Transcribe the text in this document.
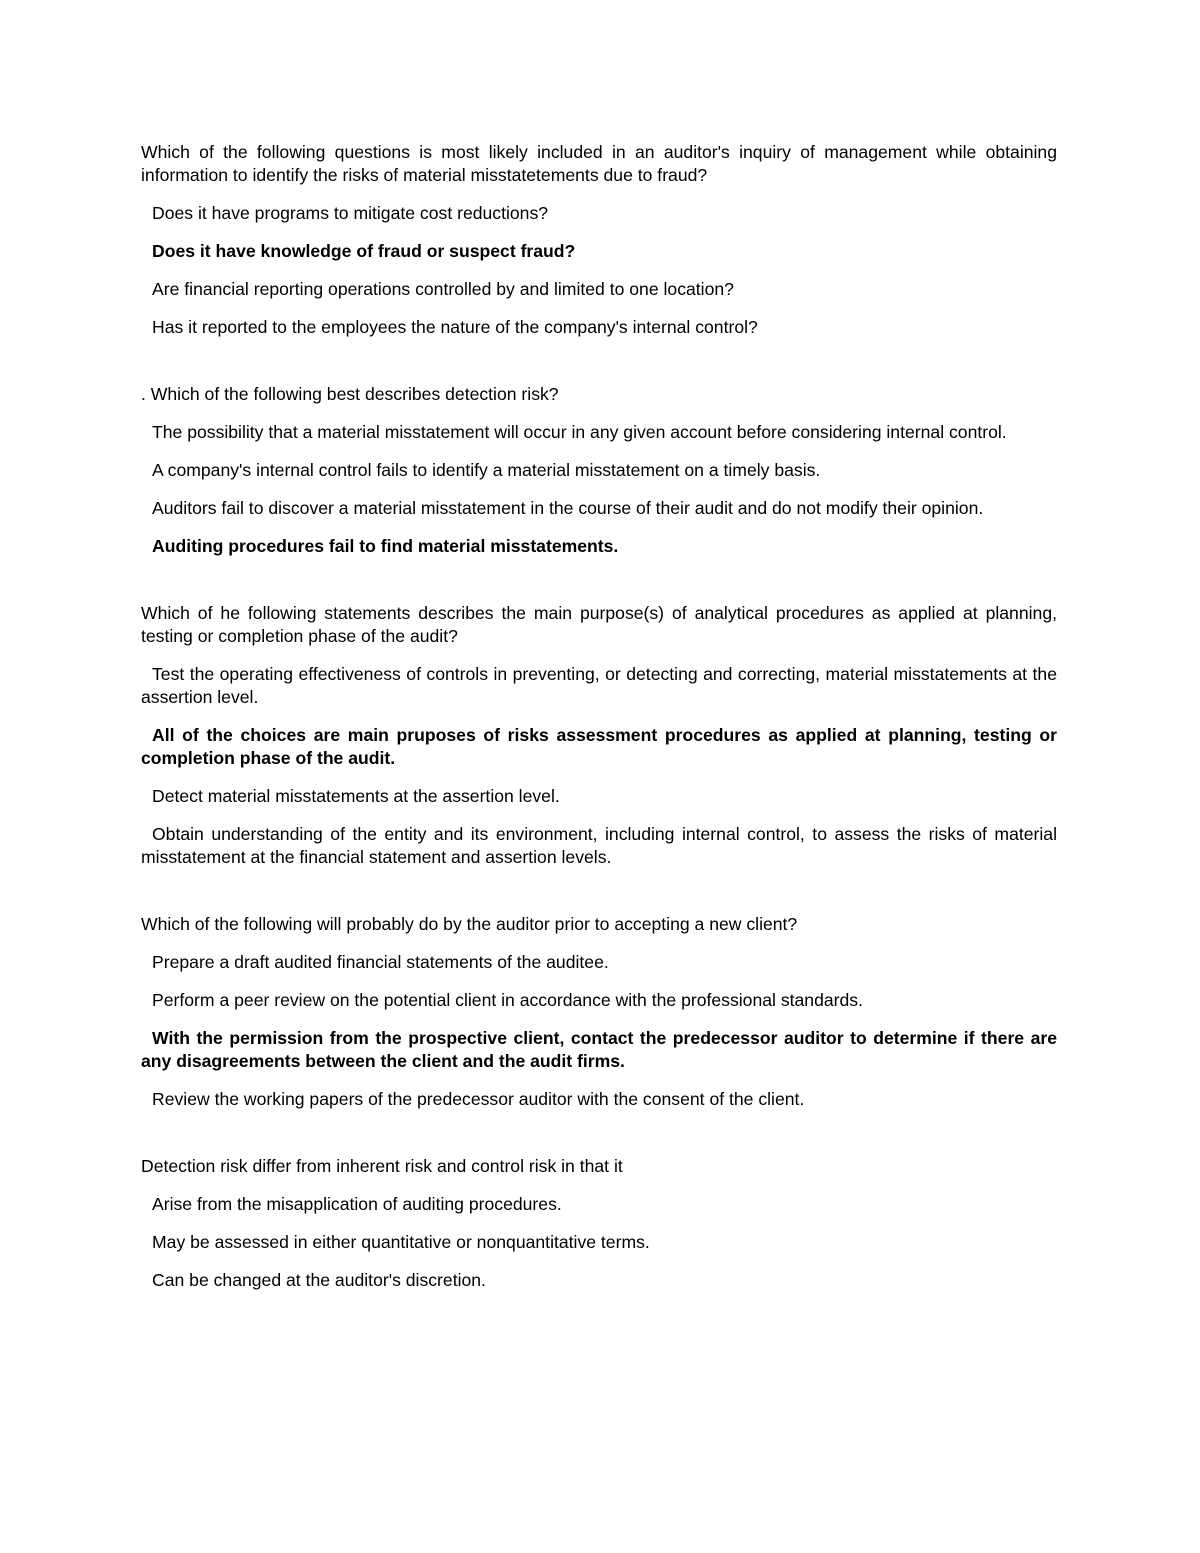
Which of the following questions is most likely included in an auditor's inquiry of management while obtaining information to identify the risks of material misstatetements due to fraud?

Does it have programs to mitigate cost reductions?

Does it have knowledge of fraud or suspect fraud?

Are financial reporting operations controlled by and limited to one location?

Has it reported to the employees the nature of the company's internal control?

. Which of the following best describes detection risk?

The possibility that a material misstatement will occur in any given account before considering internal control.

A company's internal control fails to identify a material misstatement on a timely basis.

Auditors fail to discover a material misstatement in the course of their audit and do not modify their opinion.

Auditing procedures fail to find material misstatements.

Which of he following statements describes the main purpose(s) of analytical procedures as applied at planning, testing or completion phase of the audit?

Test the operating effectiveness of controls in preventing, or detecting and correcting, material misstatements at the assertion level.

All of the choices are main pruposes of risks assessment procedures as applied at planning, testing or completion phase of the audit.

Detect material misstatements at the assertion level.

Obtain understanding of the entity and its environment, including internal control, to assess the risks of material misstatement at the financial statement and assertion levels.

Which of the following will probably do by the auditor prior to accepting a new client?

Prepare a draft audited financial statements of the auditee.

Perform a peer review on the potential client in accordance with the professional standards.

With the permission from the prospective client, contact the predecessor auditor to determine if there are any disagreements between the client and the audit firms.

Review the working papers of the predecessor auditor with the consent of the client.

Detection risk differ from inherent risk and control risk in that it

Arise from the misapplication of auditing procedures.

May be assessed in either quantitative or nonquantitative terms.

Can be changed at the auditor's discretion.
